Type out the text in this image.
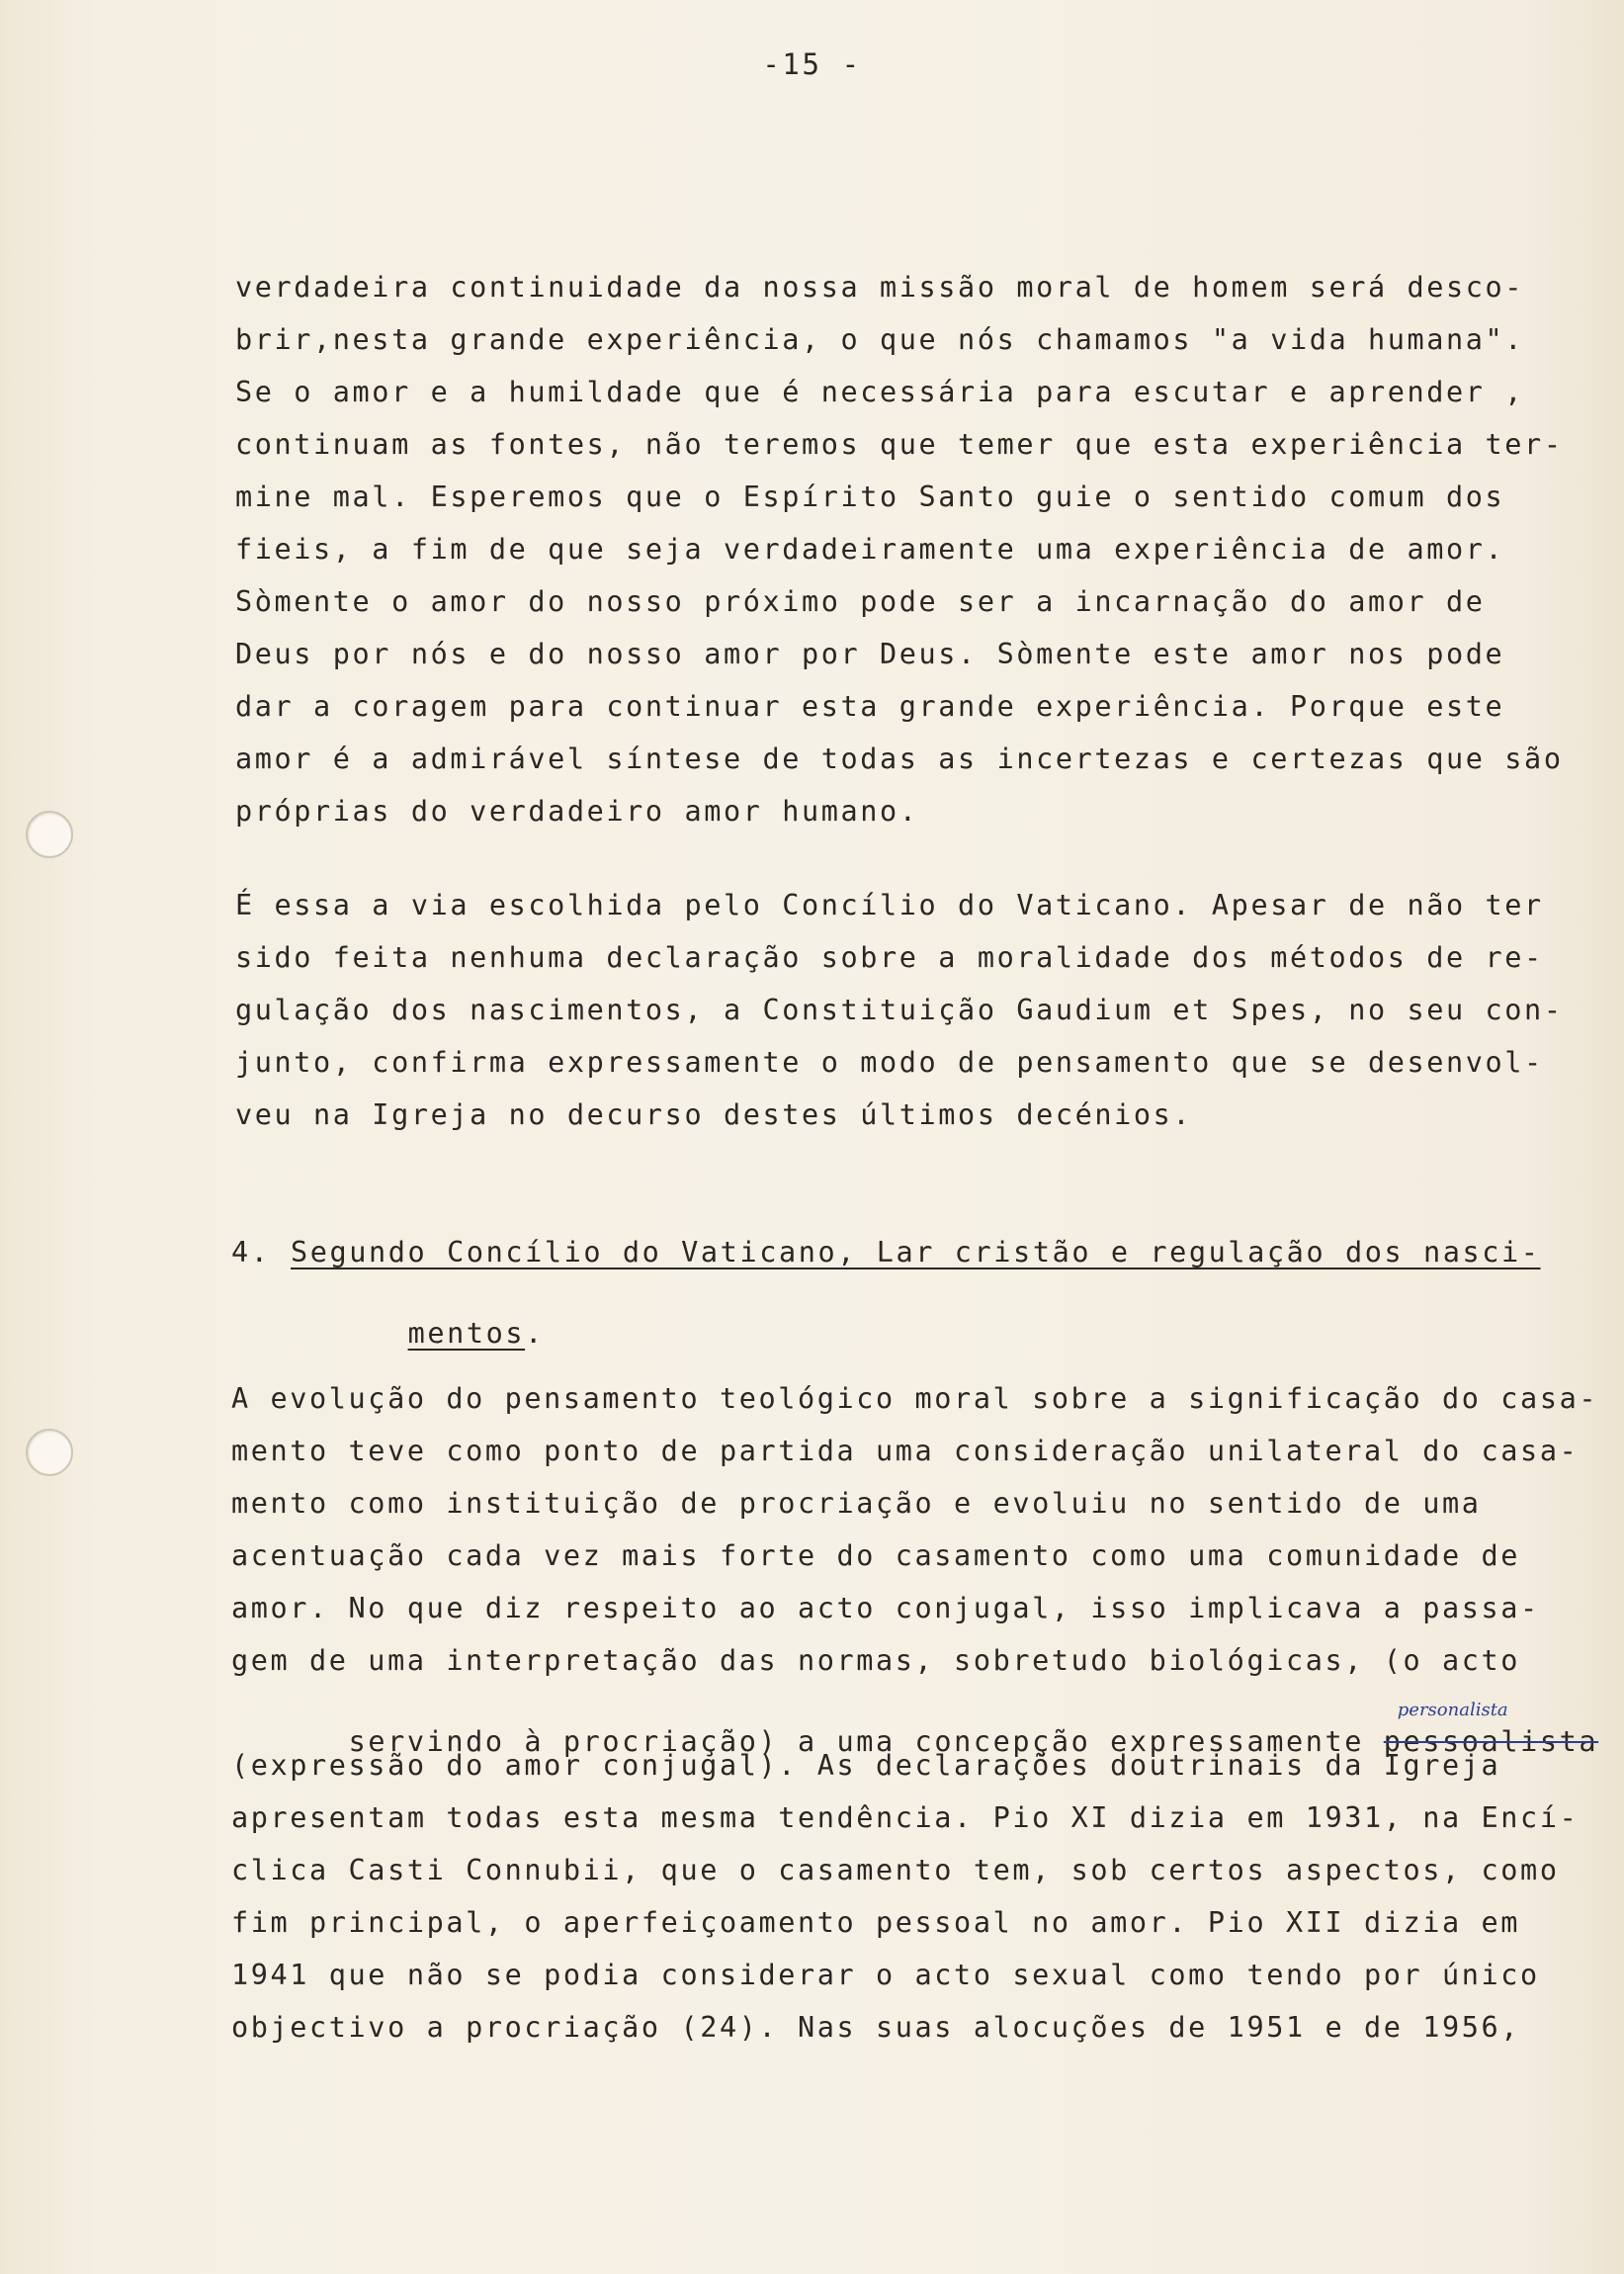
-15 -
verdadeira continuidade da nossa missão moral de homem será desco-
brir,nesta grande experiência, o que nós chamamos "a vida humana".
Se o amor e a humildade que é necessária para escutar e aprender ,
continuam as fontes, não teremos que temer que esta experiência ter-
mine mal. Esperemos que o Espírito Santo guie o sentido comum dos
fieis, a fim de que seja verdadeiramente uma experiência de amor.
Sòmente o amor do nosso próximo pode ser a incarnação do amor de
Deus por nós e do nosso amor por Deus. Sòmente este amor nos pode
dar a coragem para continuar esta grande experiência. Porque este
amor é a admirável síntese de todas as incertezas e certezas que são
próprias do verdadeiro amor humano.
É essa a via escolhida pelo Concílio do Vaticano. Apesar de não ter
sido feita nenhuma declaração sobre a moralidade dos métodos de re-
gulação dos nascimentos, a Constituição Gaudium et Spes, no seu con-
junto, confirma expressamente o modo de pensamento que se desenvol-
veu na Igreja no decurso destes últimos decénios.
4. Segundo Concílio do Vaticano, Lar cristão e regulação dos nasci-

mentos.

A evolução do pensamento teológico moral sobre a significação do casa-
mento teve como ponto de partida uma consideração unilateral do casa-
mento como instituição de procriação e evoluiu no sentido de uma
acentuação cada vez mais forte do casamento como uma comunidade de
amor. No que diz respeito ao acto conjugal, isso implicava a passa-
gem de uma interpretação das normas, sobretudo biológicas, (o acto

servindo à procriação) a uma concepção expressamente pessoalista
personalista

(expressão do amor conjugal). As declarações doutrinais da Igreja
apresentam todas esta mesma tendência. Pio XI dizia em 1931, na Encí-
clica Casti Connubii, que o casamento tem, sob certos aspectos, como
fim principal, o aperfeiçoamento pessoal no amor. Pio XII dizia em
1941 que não se podia considerar o acto sexual como tendo por único
objectivo a procriação (24). Nas suas alocuções de 1951 e de 1956,
